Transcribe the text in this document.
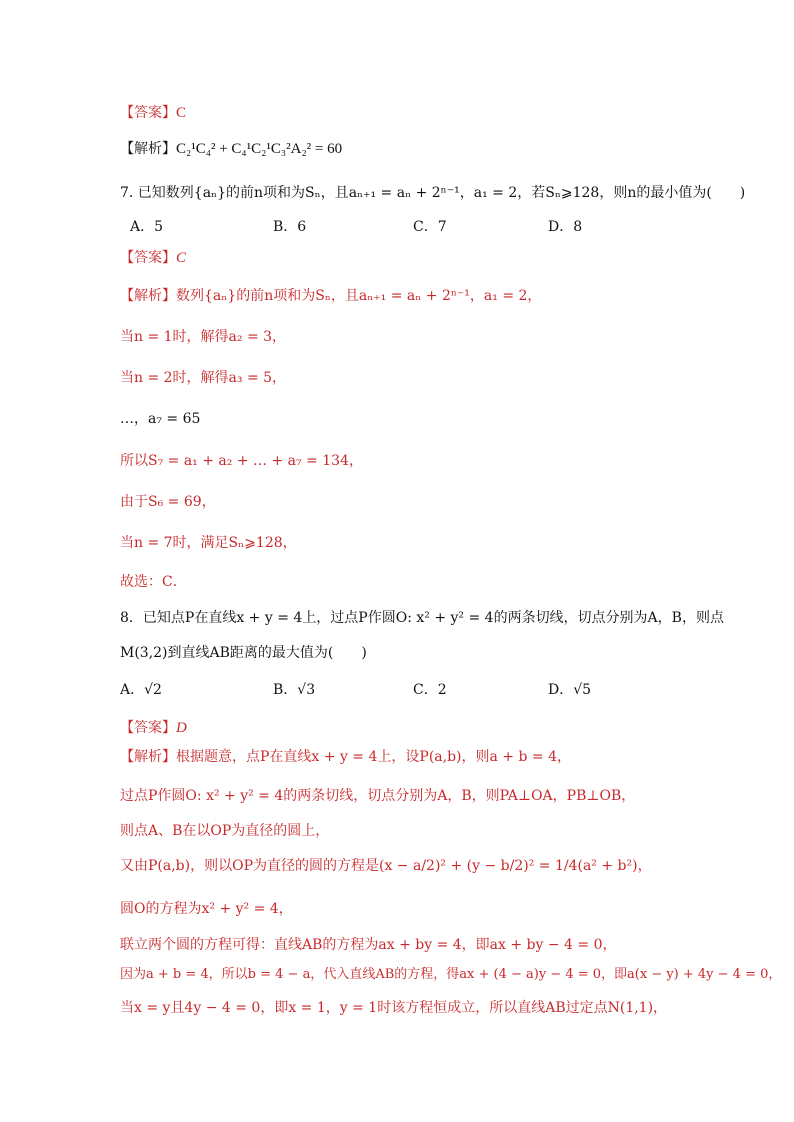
【答案】C
【解析】C₂¹C₄² + C₄¹C₂¹C₃²A₂² = 60
7. 已知数列{aₙ}的前n项和为Sₙ，且aₙ₊₁ = aₙ + 2ⁿ⁻¹，a₁ = 2，若Sₙ⩾128，则n的最小值为(　　)
A．5	B．6	C．7	D．8
【答案】C
【解析】数列{aₙ}的前n项和为Sₙ，且aₙ₊₁ = aₙ + 2ⁿ⁻¹，a₁ = 2，
当n = 1时，解得a₂ = 3，
当n = 2时，解得a₃ = 5，
…，a₇ = 65
所以S₇ = a₁ + a₂ + … + a₇ = 134，
由于S₆ = 69，
当n = 7时，满足Sₙ⩾128，
故选：C．
8．已知点P在直线x + y = 4上，过点P作圆O: x² + y² = 4的两条切线，切点分别为A，B，则点
M(3,2)到直线AB距离的最大值为(　　)
A．√2	B．√3	C．2	D．√5
【答案】D
【解析】根据题意，点P在直线x + y = 4上，设P(a,b)，则a + b = 4，
过点P作圆O: x² + y² = 4的两条切线，切点分别为A，B，则PA⊥OA，PB⊥OB，
则点A、B在以OP为直径的圆上，
又由P(a,b)，则以OP为直径的圆的方程是(x − a/2)² + (y − b/2)² = 1/4(a² + b²)，
圆O的方程为x² + y² = 4，
联立两个圆的方程可得：直线AB的方程为ax + by = 4，即ax + by − 4 = 0，
因为a + b = 4，所以b = 4 − a，代入直线AB的方程，得ax + (4 − a)y − 4 = 0，即a(x − y) + 4y − 4 = 0，
当x = y且4y − 4 = 0，即x = 1，y = 1时该方程恒成立，所以直线AB过定点N(1,1)，
